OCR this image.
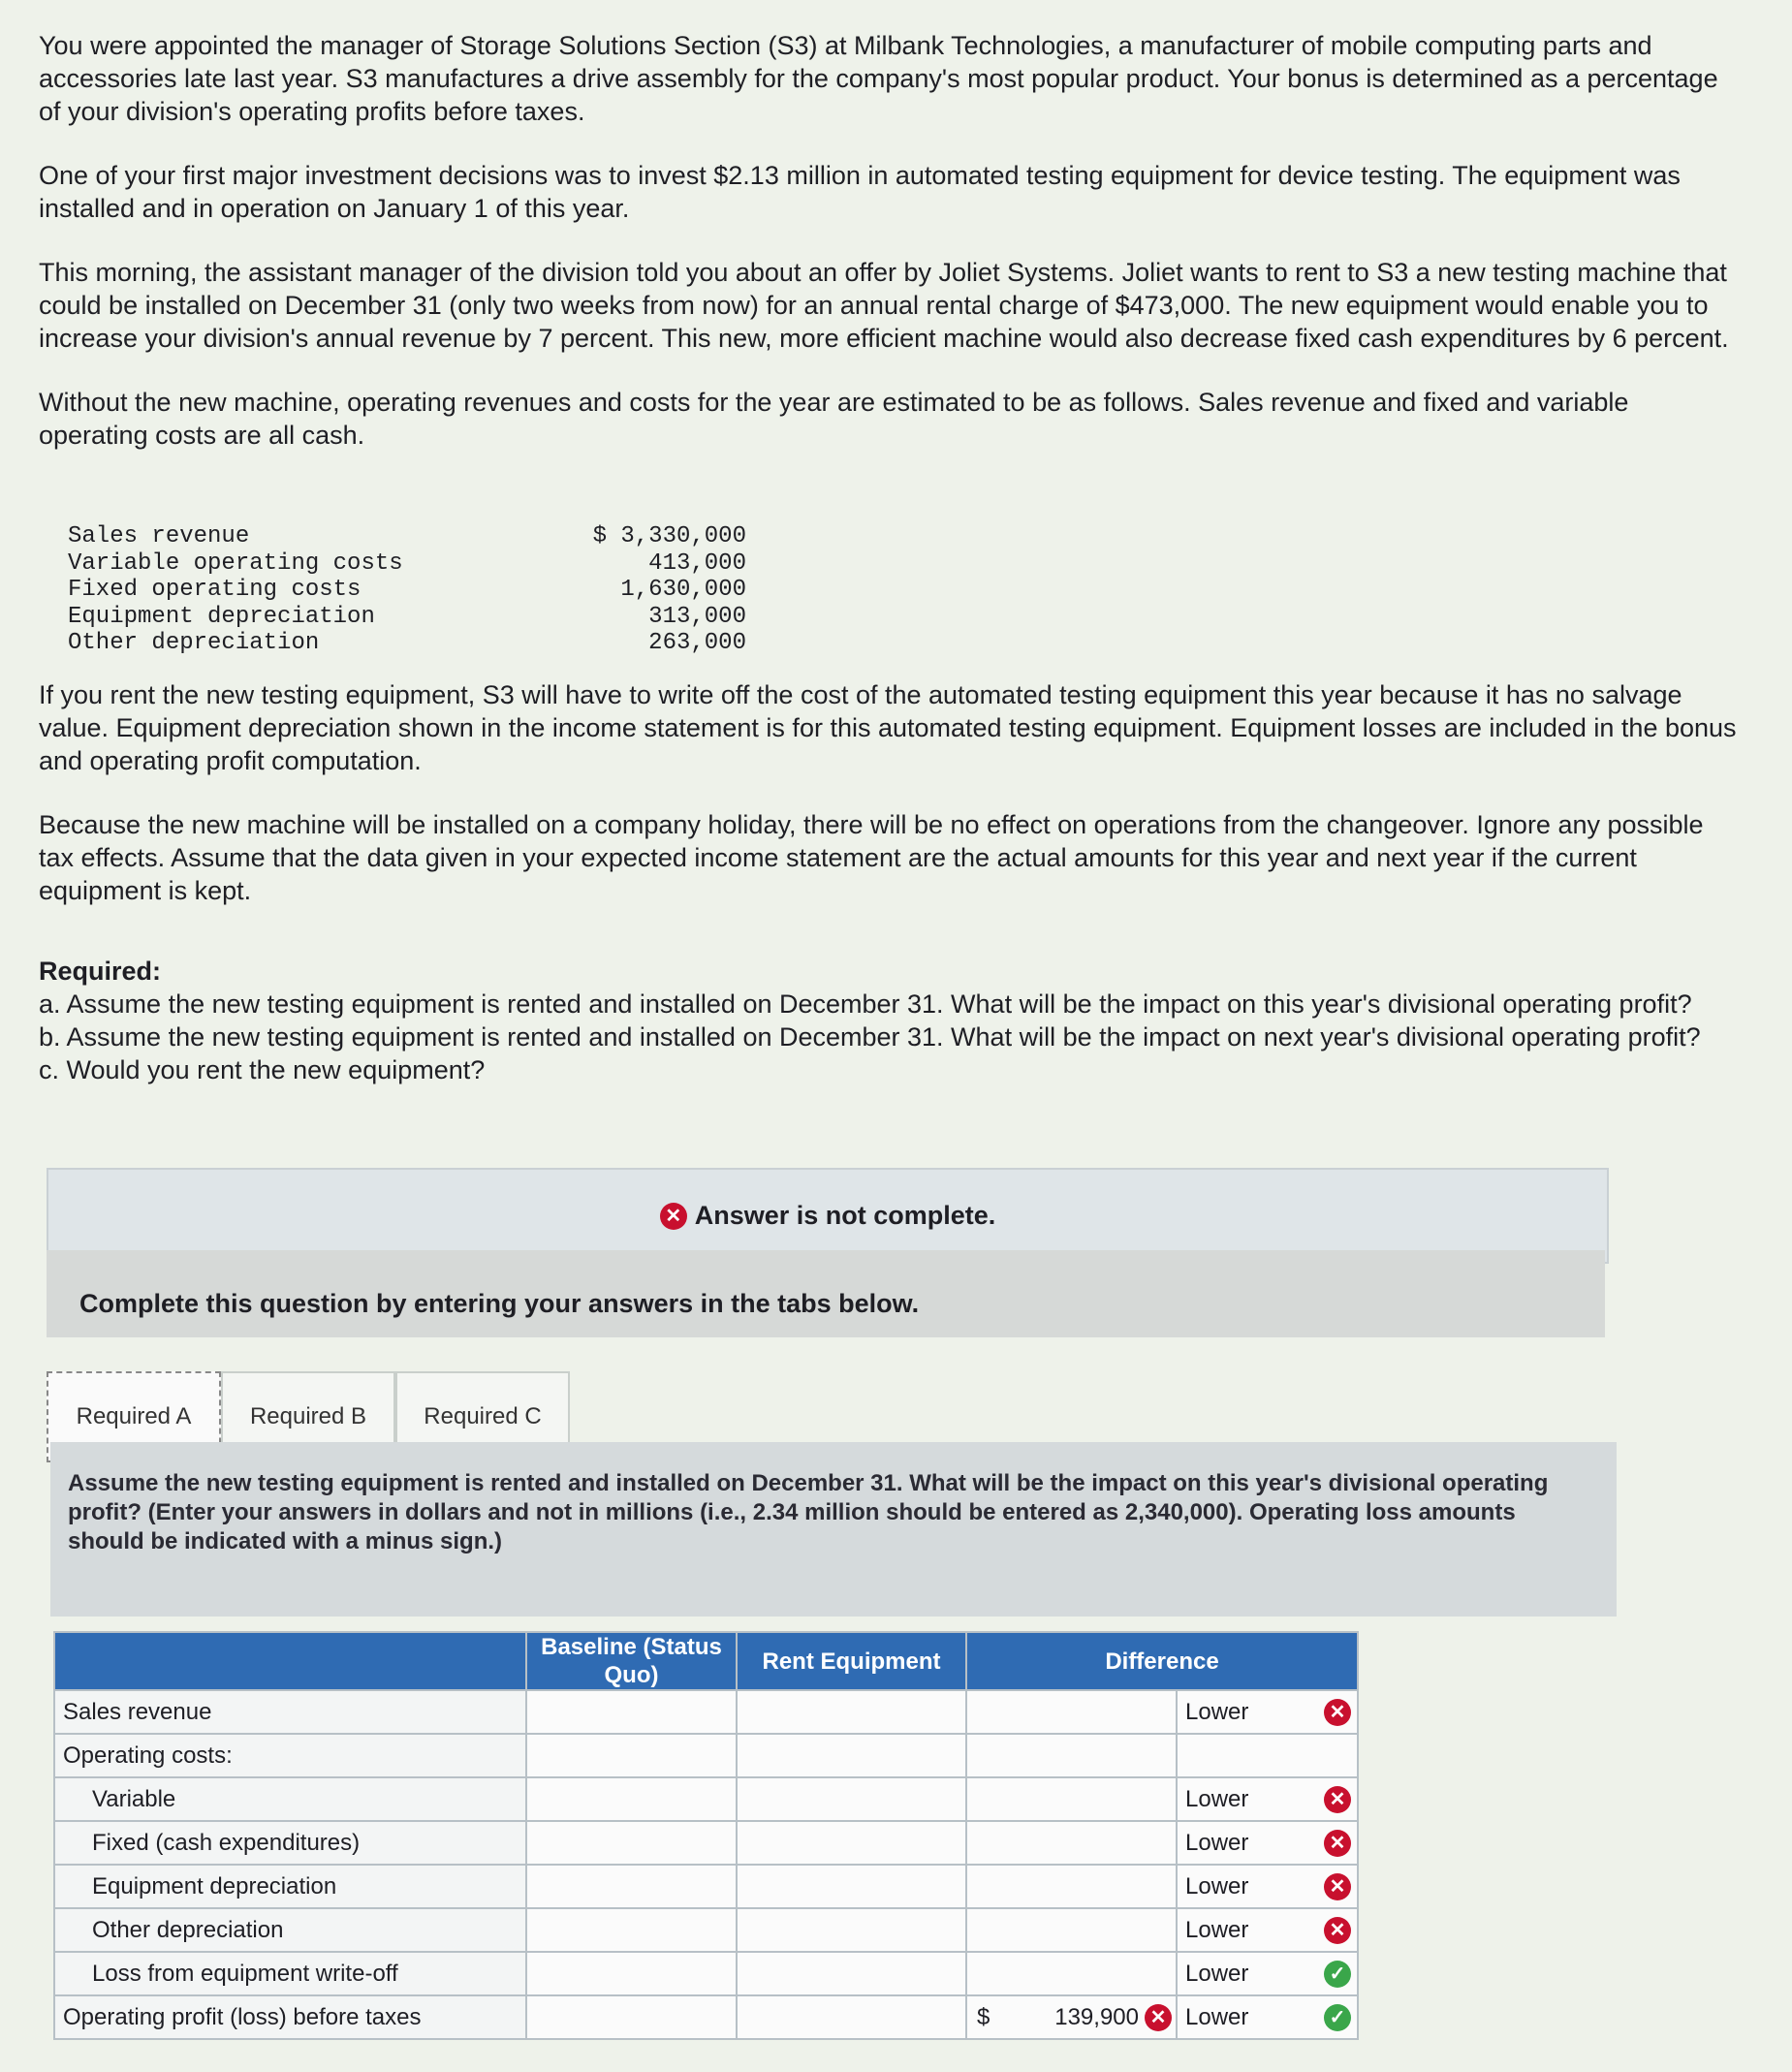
You were appointed the manager of Storage Solutions Section (S3) at Milbank Technologies, a manufacturer of mobile computing parts and accessories late last year. S3 manufactures a drive assembly for the company's most popular product. Your bonus is determined as a percentage of your division's operating profits before taxes.

One of your first major investment decisions was to invest $2.13 million in automated testing equipment for device testing. The equipment was installed and in operation on January 1 of this year.

This morning, the assistant manager of the division told you about an offer by Joliet Systems. Joliet wants to rent to S3 a new testing machine that could be installed on December 31 (only two weeks from now) for an annual rental charge of $473,000. The new equipment would enable you to increase your division's annual revenue by 7 percent. This new, more efficient machine would also decrease fixed cash expenditures by 6 percent.

Without the new machine, operating revenues and costs for the year are estimated to be as follows. Sales revenue and fixed and variable operating costs are all cash.

Sales revenue	$ 3,330,000
Variable operating costs	413,000
Fixed operating costs	1,630,000
Equipment depreciation	313,000
Other depreciation	263,000

If you rent the new testing equipment, S3 will have to write off the cost of the automated testing equipment this year because it has no salvage value. Equipment depreciation shown in the income statement is for this automated testing equipment. Equipment losses are included in the bonus and operating profit computation.

Because the new machine will be installed on a company holiday, there will be no effect on operations from the changeover. Ignore any possible tax effects. Assume that the data given in your expected income statement are the actual amounts for this year and next year if the current equipment is kept.

Required:
a. Assume the new testing equipment is rented and installed on December 31. What will be the impact on this year's divisional operating profit?
b. Assume the new testing equipment is rented and installed on December 31. What will be the impact on next year's divisional operating profit?
c. Would you rent the new equipment?
✕ Answer is not complete.
Complete this question by entering your answers in the tabs below.
Required A	Required B	Required C
Assume the new testing equipment is rented and installed on December 31. What will be the impact on this year's divisional operating profit? (Enter your answers in dollars and not in millions (i.e., 2.34 million should be entered as 2,340,000). Operating loss amounts should be indicated with a minus sign.)
	Baseline (Status Quo)	Rent Equipment	Difference	
Sales revenue				Lower ✕

Operating costs:				
Variable				Lower ✕

Fixed (cash expenditures)				Lower ✕

Equipment depreciation				Lower ✕

Other depreciation				Lower ✕

Loss from equipment write-off				Lower ✓

Operating profit (loss) before taxes			$ 139,900 ✕	Lower ✓
